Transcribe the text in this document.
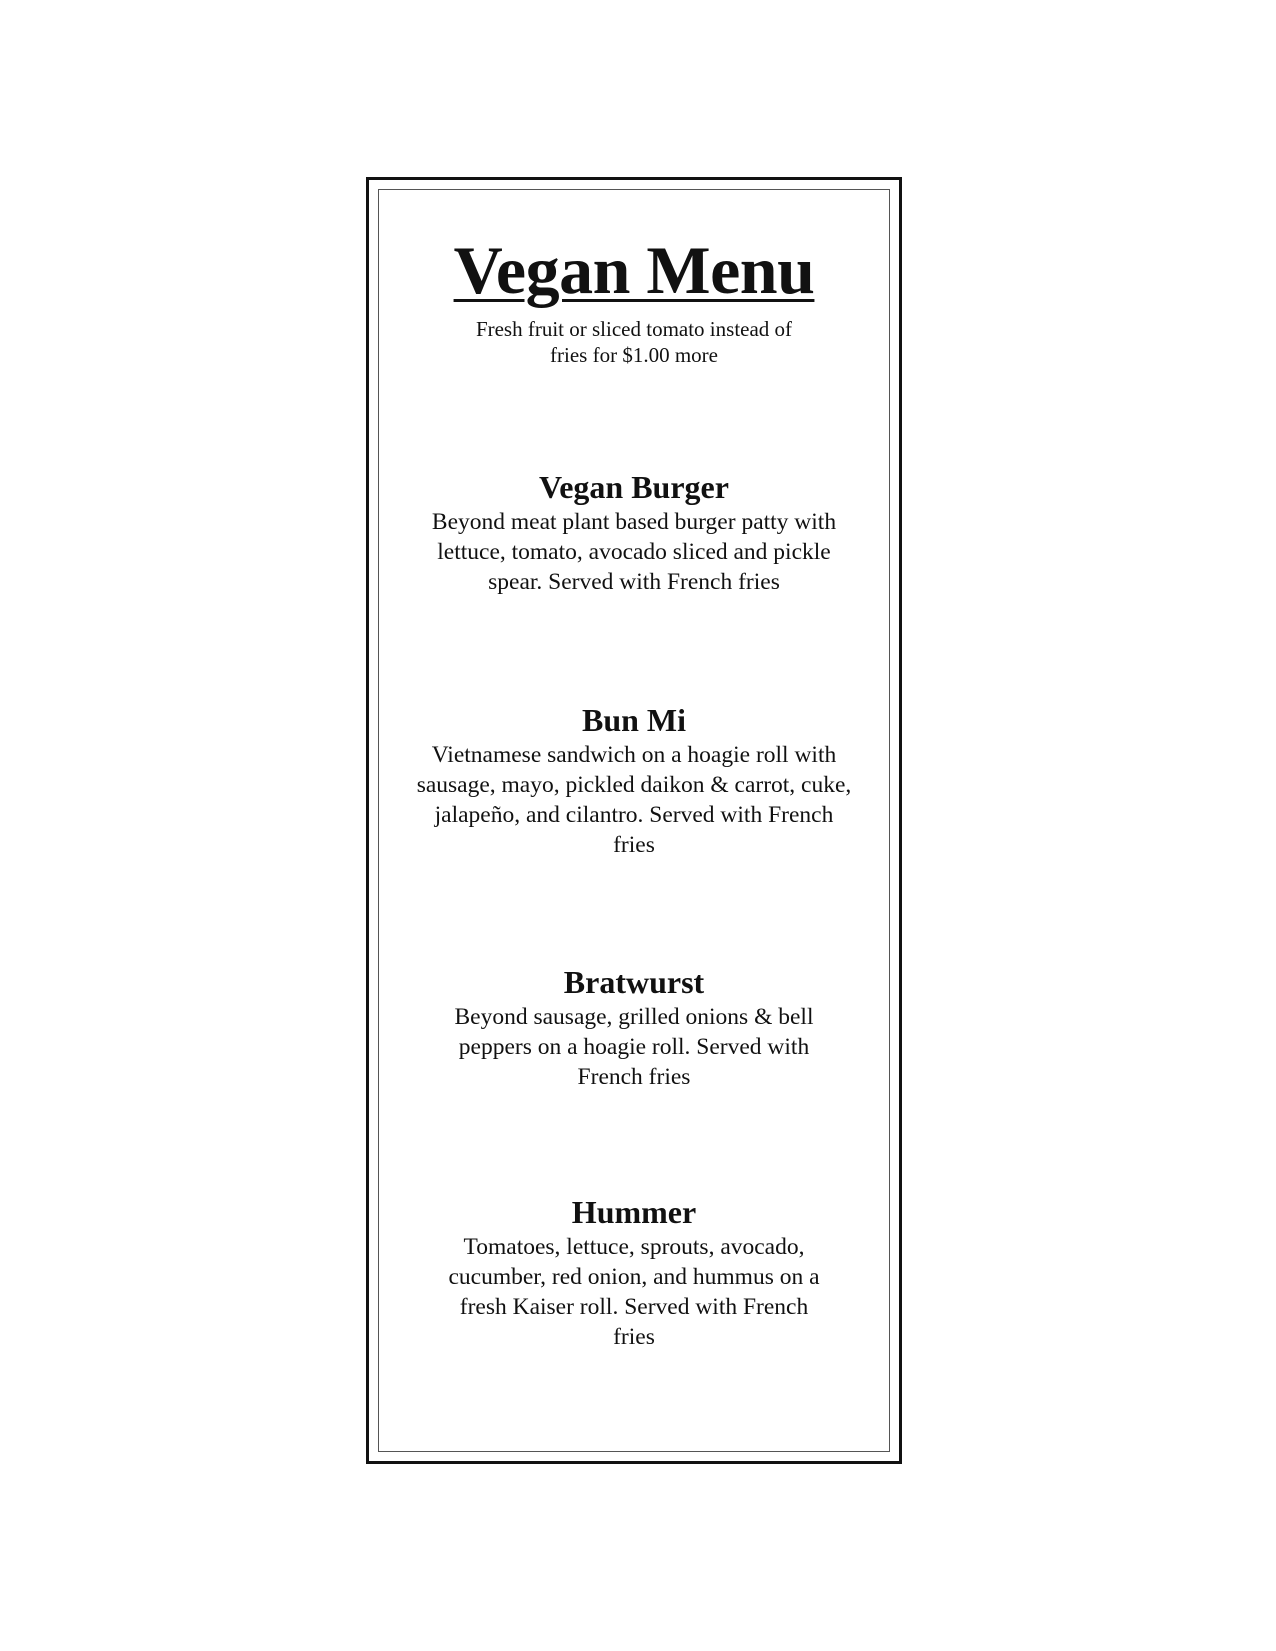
Vegan Menu
Fresh fruit or sliced tomato instead of fries for $1.00 more

Vegan Burger

Beyond meat plant based burger patty with lettuce, tomato, avocado sliced and pickle spear. Served with French fries

Bun Mi

Vietnamese sandwich on a hoagie roll with sausage, mayo, pickled daikon & carrot, cuke, jalapeño, and cilantro. Served with French fries

Bratwurst

Beyond sausage, grilled onions & bell peppers on a hoagie roll. Served with French fries

Hummer

Tomatoes, lettuce, sprouts, avocado, cucumber, red onion, and hummus on a fresh Kaiser roll. Served with French fries
